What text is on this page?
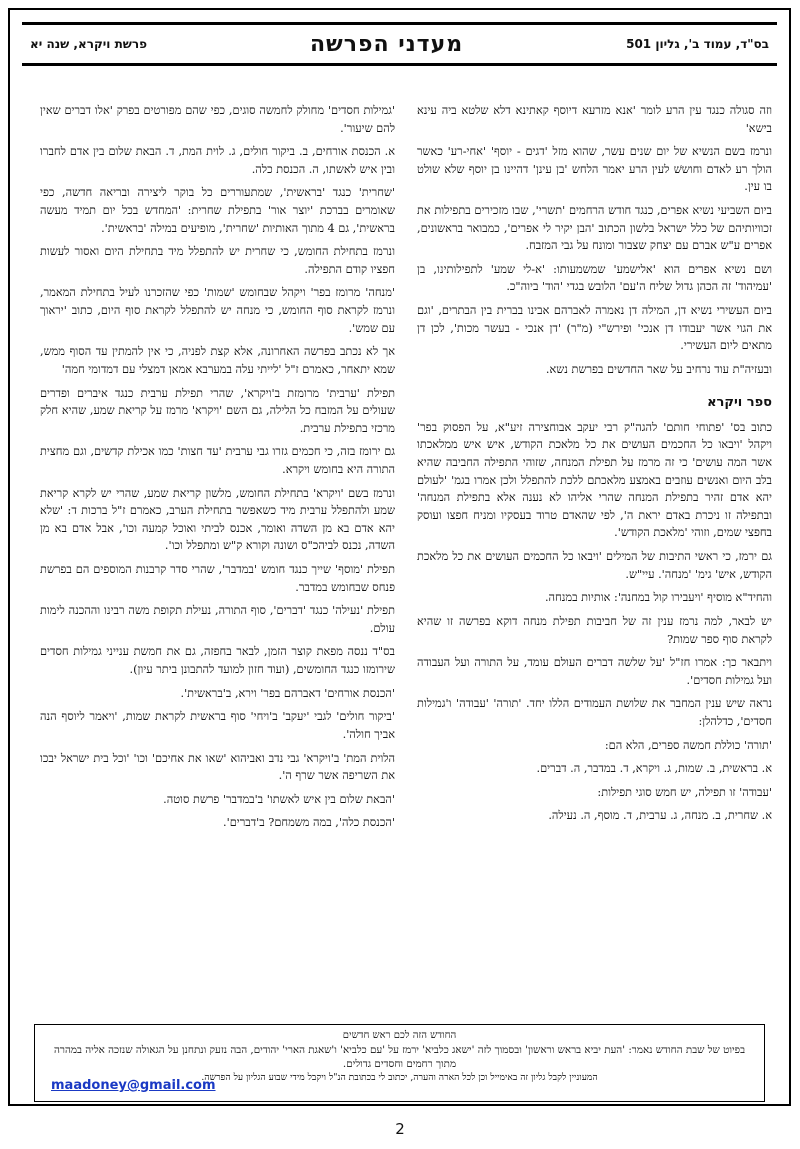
בס"ד, עמוד ב', גליון 501
מעדני הפרשה
פרשת ויקרא, שנה יא

וזה סגולה כנגד עין הרע לומר 'אנא מזרעא דיוסף קאתינא דלא שלטא ביה עינא בישא'

ונרמז בשם הנשיא של יום שנים עשר, שהוא מזל 'דגים - יוסף' 'אחי-רע' כאשר הולך רע לאדם וחוששׁ לעין הרע יאמר הלחש 'בן עינן' דהיינו בן יוסף שלא שולט בו עין.

ביום השביעי נשיא אפרים, כנגד חודש הרחמים 'תשרי', שבו מזכירים בתפילות את זכוויותיהם של כלל ישראל בלשון הכתוב 'הבן יקיר לי אפרים', כמבואר בראשונים, אפרים ע"ש אברם עם יצחק שצבור ומונח על גבי המזבח.

ושם נשיא אפרים הוא 'אלישמע' שמשמעותו: 'א-לי שמע' לתפילותינו, בן 'עמיהוד' זה הכהן גדול שליח ה'עם' הלובש בגדי 'הוד' ביוה"כ.

ביום העשירי נשיא דן, המילה דן נאמרה לאברהם אבינו בברית בין הבתרים, 'וגם את הגוי אשר יעבודו דן אנכי' ופירש"י (מ"ר) 'דן אנכי - בעשר מכות', לכן דן מתאים ליום העשירי.

ובעזיה"ת עוד נרחיב על שאר החדשים בפרשת נשא.

ספר ויקרא

כתוב בס' 'פתוחי חותם' להגה"ק רבי יעקב אבוחצירה זיע"א, על הפסוק בפר' ויקהל 'ויבאו כל החכמים העושים את כל מלאכת הקודש, איש איש ממלאכתו אשר המה עושים' כי זה מרמז על תפילת המנחה, שזוהי התפילה החביבה שהיא בלב היום ואנשים עוזבים באמצע מלאכתם ללכת להתפלל ולכן אמרו בגמ' 'לעולם יהא אדם זהיר בתפילת המנחה שהרי אליהו לא נענה אלא בתפילת המנחה' ובתפילה זו ניכרת באדם יראת ה', לפי שהאדם טרוד בעסקיו ומניח חפצו ועוסק בחפצי שמים, וזוהי 'מלאכת הקודש'.

גם ירמז, כי ראשי התיבות של המילים 'ויבאו כל החכמים העושים את כל מלאכת הקודש, איש' גימ' 'מנחה'. עיי"ש.

והחיד"א מוסיף 'ויעבירו קול במחנה': אותיות במנחה.

יש לבאר, למה נרמז ענין זה של חביבות תפילת מנחה דוקא בפרשה זו שהיא לקראת סוף ספר שמות?

ויתבאר כך: אמרו חז"ל 'על שלשה דברים העולם עומד, על התורה ועל העבודה ועל גמילות חסדים'.

נראה שיש ענין המחבר את שלושת העמודים הללו יחד. 'תורה' 'עבודה' ו'גמילות חסדים', כדלהלן:

'תורה' כוללת חמשה ספרים, הלא הם:

א. בראשית, ב. שמות, ג. ויקרא, ד. במדבר, ה. דברים.

'עבודה' זו תפילה, יש חמש סוגי תפילות:

א. שחרית, ב. מנחה, ג. ערבית, ד. מוסף, ה. נעילה.

'גמילות חסדים' מחולק לחמשה סוגים, כפי שהם מפורטים בפרק 'אלו דברים שאין להם שיעור'.

א. הכנסת אורחים, ב. ביקור חולים, ג. לוית המת, ד. הבאת שלום בין אדם לחברו ובין איש לאשתו, ה. הכנסת כלה.

'שחרית' כנגד 'בראשית', שמתעוררים כל בוקר ליצירה ובריאה חדשה, כפי שאומרים בברכת 'יוצר אור' בתפילת שחרית: 'המחדש בכל יום תמיד מעשה בראשית', גם 4 מתוך האותיות 'שחרית', מופיעים במילה 'בראשית'.

ונרמז בתחילת החומש, כי שחרית יש להתפלל מיד בתחילת היום ואסור לעשות חפציו קודם התפילה.

'מנחה' מרומז בפר' ויקהל שבחומש 'שמות' כפי שהזכרנו לעיל בתחילת המאמר, ונרמז לקראת סוף החומש, כי מנחה יש להתפלל לקראת סוף היום, כתוב 'יראוך עם שמש'.

אך לא נכתב בפרשה האחרונה, אלא קצת לפניה, כי אין להמתין עד הסוף ממש, שמא יתאחר, כאמרם ז"ל 'לייתי עלה במערבא אמאן דמצלי עם דמדומי חמה'

תפילת 'ערבית' מרומזת ב'ויקרא', שהרי תפילת ערבית כנגד איברים ופדרים שעולים על המזבח כל הלילה, גם השם 'ויקרא' מרמז על קריאת שמע, שהיא חלק מרכזי בתפילת ערבית.

גם ירומז בזה, כי חכמים גזרו גבי ערבית 'עד חצות' כמו אכילת קדשים, וגם מחצית התורה היא בחומש ויקרא.

ונרמז בשם 'ויקרא' בתחילת החומש, מלשון קריאת שמע, שהרי יש לקרא קריאת שמע ולהתפלל ערבית מיד כשאפשר בתחילת הערב, כאמרם ז"ל ברכות ד: 'שלא יהא אדם בא מן השדה ואומר, אכנס לביתי ואוכל קמעה וכו', אבל אדם בא מן השדה, נכנס לביהכ"ס ושונה וקורא ק"ש ומתפלל וכו'.

תפילת 'מוסף' שייך כנגד חומש 'במדבר', שהרי סדר קרבנות המוספים הם בפרשת פנחס שבחומש במדבר.

תפילת 'נעילה' כנגד 'דברים', סוף התורה, נעילת תקופת משה רבינו וההכנה לימות עולם.

בס"ד ננסה מפאת קוצר הזמן, לבאר בחפזה, גם את חמשת ענייני גמילות חסדים שירומזו כנגד החומשים, (ועוד חזון למועד להתבונן ביתר עיון).

'הכנסת אורחים' דאברהם בפר' וירא, ב'בראשית'.

'ביקור חולים' לגבי 'יעקב' ב'ויחי' סוף בראשית לקראת שמות, 'ויאמר ליוסף הנה אביך חולה'.

הלוית המת' ב'ויקרא' גבי נדב ואביהוא 'שאו את אחיכם' וכו' 'וכל בית ישראל יבכו את השריפה אשר שרף ה'.

'הבאת שלום בין איש לאשתו' ב'במדבר' פרשת סוטה.

'הכנסת כלה', במה משמחם? ב'דברים'.

החודש הזה לכם ראש חדשים
בפיוט של שבת החודש נאמר: 'העת יביא בראש וראשון' ובסמוך לזה 'ישאג כלביא' ירמז על 'עם כלביא' ו'שאגת הארי' יהודים, הבה נזעק ונתחנן על הגאולה שנזכה אליה במהרה מתוך רחמים וחסדים גדולים.
המעוניין לקבל גליון זה באימייל וכן לכל הארה והערה, יכתוב לי בכתובת הנ"ל ויקבל מידי שבוע הגליון על הפרשה.
maadoney@gmail.com
2
